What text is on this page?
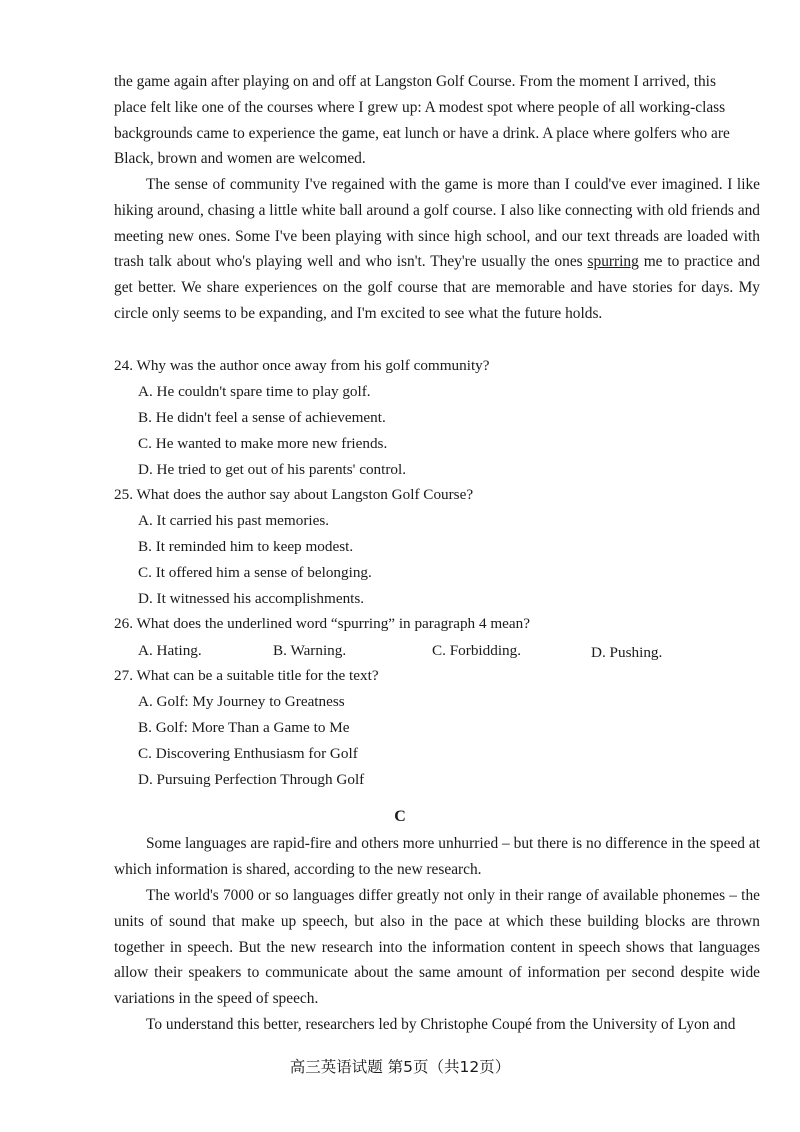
the game again after playing on and off at Langston Golf Course. From the moment I arrived, this
place felt like one of the courses where I grew up: A modest spot where people of all working-class
backgrounds came to experience the game, eat lunch or have a drink. A place where golfers who are
Black, brown and women are welcomed.

The sense of community I've regained with the game is more than I could've ever imagined. I like hiking around, chasing a little white ball around a golf course. I also like connecting with old friends and meeting new ones. Some I've been playing with since high school, and our text threads are loaded with trash talk about who's playing well and who isn't. They're usually the ones spurring me to practice and get better. We share experiences on the golf course that are memorable and have stories for days. My circle only seems to be expanding, and I'm excited to see what the future holds.

24. Why was the author once away from his golf community?
A. He couldn't spare time to play golf.
B. He didn't feel a sense of achievement.
C. He wanted to make more new friends.
D. He tried to get out of his parents' control.
25. What does the author say about Langston Golf Course?
A. It carried his past memories.
B. It reminded him to keep modest.
C. It offered him a sense of belonging.
D. It witnessed his accomplishments.
26. What does the underlined word “spurring” in paragraph 4 mean?
A. Hating.	B. Warning.	C. Forbidding.	D. Pushing.
27. What can be a suitable title for the text?
A. Golf: My Journey to Greatness
B. Golf: More Than a Game to Me
C. Discovering Enthusiasm for Golf
D. Pursuing Perfection Through Golf
C

Some languages are rapid-fire and others more unhurried – but there is no difference in the speed at which information is shared, according to the new research.

The world's 7000 or so languages differ greatly not only in their range of available phonemes – the units of sound that make up speech, but also in the pace at which these building blocks are thrown together in speech. But the new research into the information content in speech shows that languages allow their speakers to communicate about the same amount of information per second despite wide variations in the speed of speech.

To understand this better, researchers led by Christophe Coupé from the University of Lyon and

高三英语试题 第5页（共12页）
